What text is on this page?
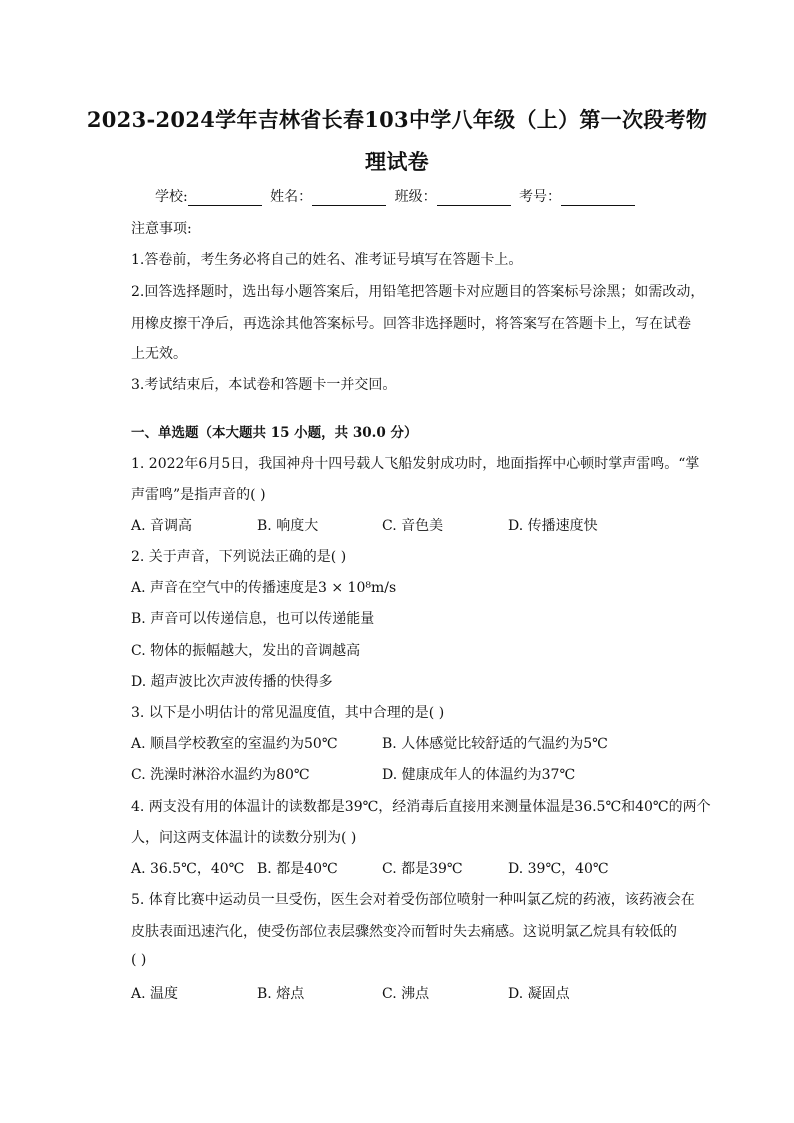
2023-2024学年吉林省长春103中学八年级（上）第一次段考物
理试卷
学校:	姓名：	班级：	考号：
注意事项:
1.答卷前，考生务必将自己的姓名、准考证号填写在答题卡上。
2.回答选择题时，选出每小题答案后，用铅笔把答题卡对应题目的答案标号涂黑；如需改动，
用橡皮擦干净后，再选涂其他答案标号。回答非选择题时，将答案写在答题卡上，写在试卷
上无效。
3.考试结束后，本试卷和答题卡一并交回。
一、单选题（本大题共 15 小题，共 30.0 分）
1. 2022年6月5日，我国神舟十四号载人飞船发射成功时，地面指挥中心顿时掌声雷鸣。“掌
声雷鸣”是指声音的( )
A. 音调高	B. 响度大	C. 音色美	D. 传播速度快
2. 关于声音，下列说法正确的是( )
A. 声音在空气中的传播速度是3 × 10⁸m/s
B. 声音可以传递信息，也可以传递能量
C. 物体的振幅越大，发出的音调越高
D. 超声波比次声波传播的快得多
3. 以下是小明估计的常见温度值，其中合理的是( )
A. 顺昌学校教室的室温约为50℃	B. 人体感觉比较舒适的气温约为5℃
C. 洗澡时淋浴水温约为80℃	D. 健康成年人的体温约为37℃
4. 两支没有用的体温计的读数都是39℃，经消毒后直接用来测量体温是36.5℃和40℃的两个
人，问这两支体温计的读数分别为( )
A. 36.5℃，40℃ B. 都是40℃	C. 都是39℃	D. 39℃，40℃
5. 体育比赛中运动员一旦受伤，医生会对着受伤部位喷射一种叫氯乙烷的药液，该药液会在
皮肤表面迅速汽化，使受伤部位表层骤然变冷而暂时失去痛感。这说明氯乙烷具有较低的
( )
A. 温度	B. 熔点	C. 沸点	D. 凝固点
